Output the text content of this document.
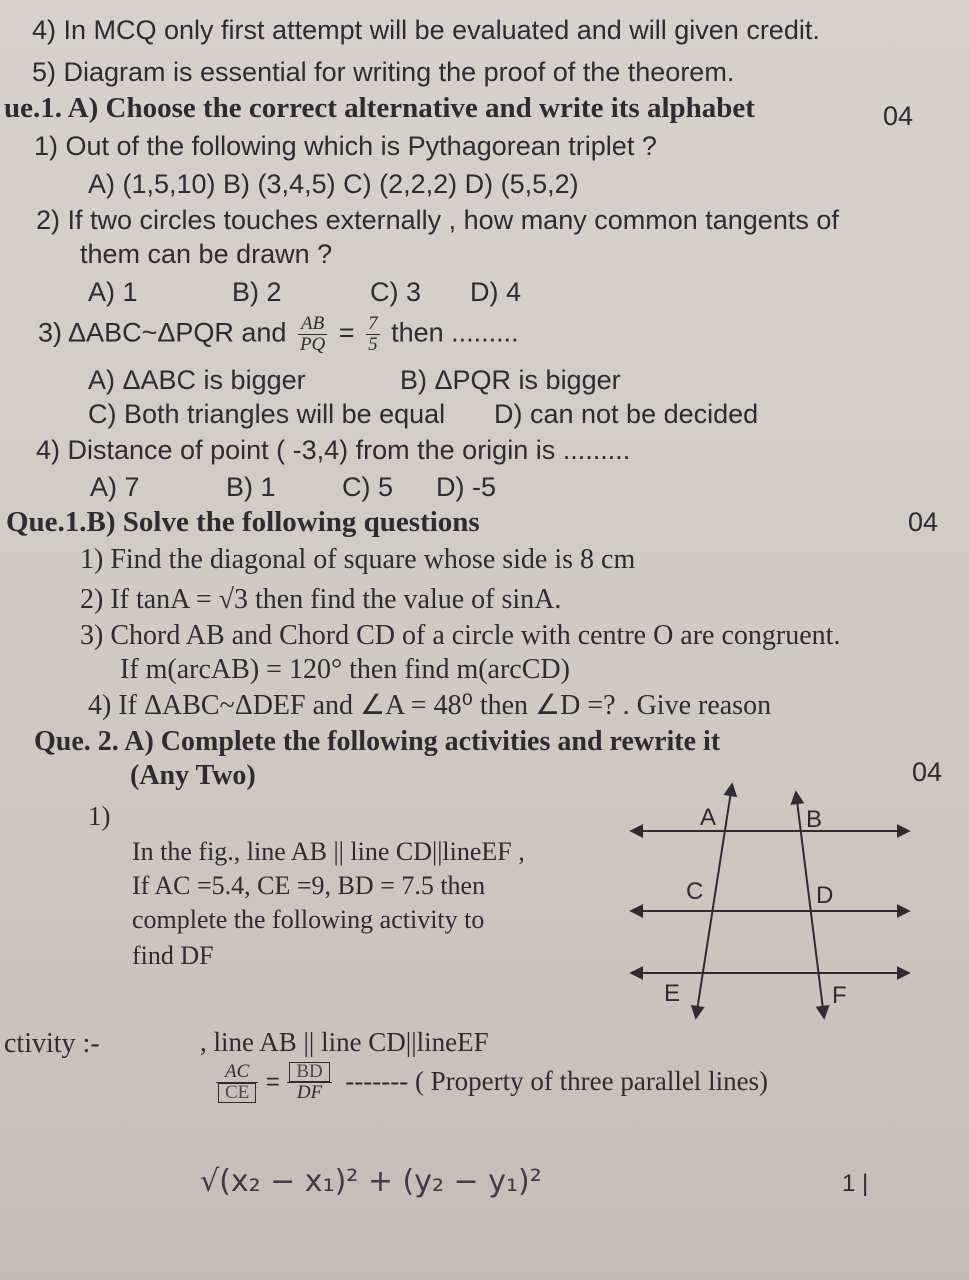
4) In MCQ only first attempt will be evaluated and will given credit.
5) Diagram is essential for writing the proof of the theorem.
ue.1. A) Choose the correct alternative and write its alphabet	04
1) Out of the following which is Pythagorean triplet ?
A) (1,5,10) B) (3,4,5) C) (2,2,2) D) (5,5,2)
2) If two circles touches externally , how many common tangents of
them can be drawn ?
A) 1	B) 2	C) 3 D) 4
3) ΔABC~ΔPQR and $\frac{AB}{PQ} = \frac{7}{5}$ then .........
A) ΔABC is bigger	B) ΔPQR is bigger
C) Both triangles will be equal D) can not be decided
4) Distance of point ( -3,4) from the origin is .........
A) 7	B) 1 C) 5 D) -5
Que.1.B) Solve the following questions	04
1) Find the diagonal of square whose side is 8 cm
2) If tanA = √3 then find the value of sinA.
3) Chord AB and Chord CD of a circle with centre O are congruent.
If m(arcAB) = 120° then find m(arcCD)
4) If ΔABC~ΔDEF and ∠A = 48⁰ then ∠D =? . Give reason
Que. 2. A) Complete the following activities and rewrite it
(Any Two)	04
1)
In the fig., line AB || line CD||lineEF ,
If AC =5.4, CE =9, BD = 7.5 then
complete the following activity to
find DF
A	B
C	D
E	F
ctivity :-	, line AB || line CD||lineEF
$\frac{AC}{CE} = \frac{BD}{DF}$ ------- ( Property of three parallel lines)
√(x₂ − x₁)² + (y₂ − y₁)²	1 |
